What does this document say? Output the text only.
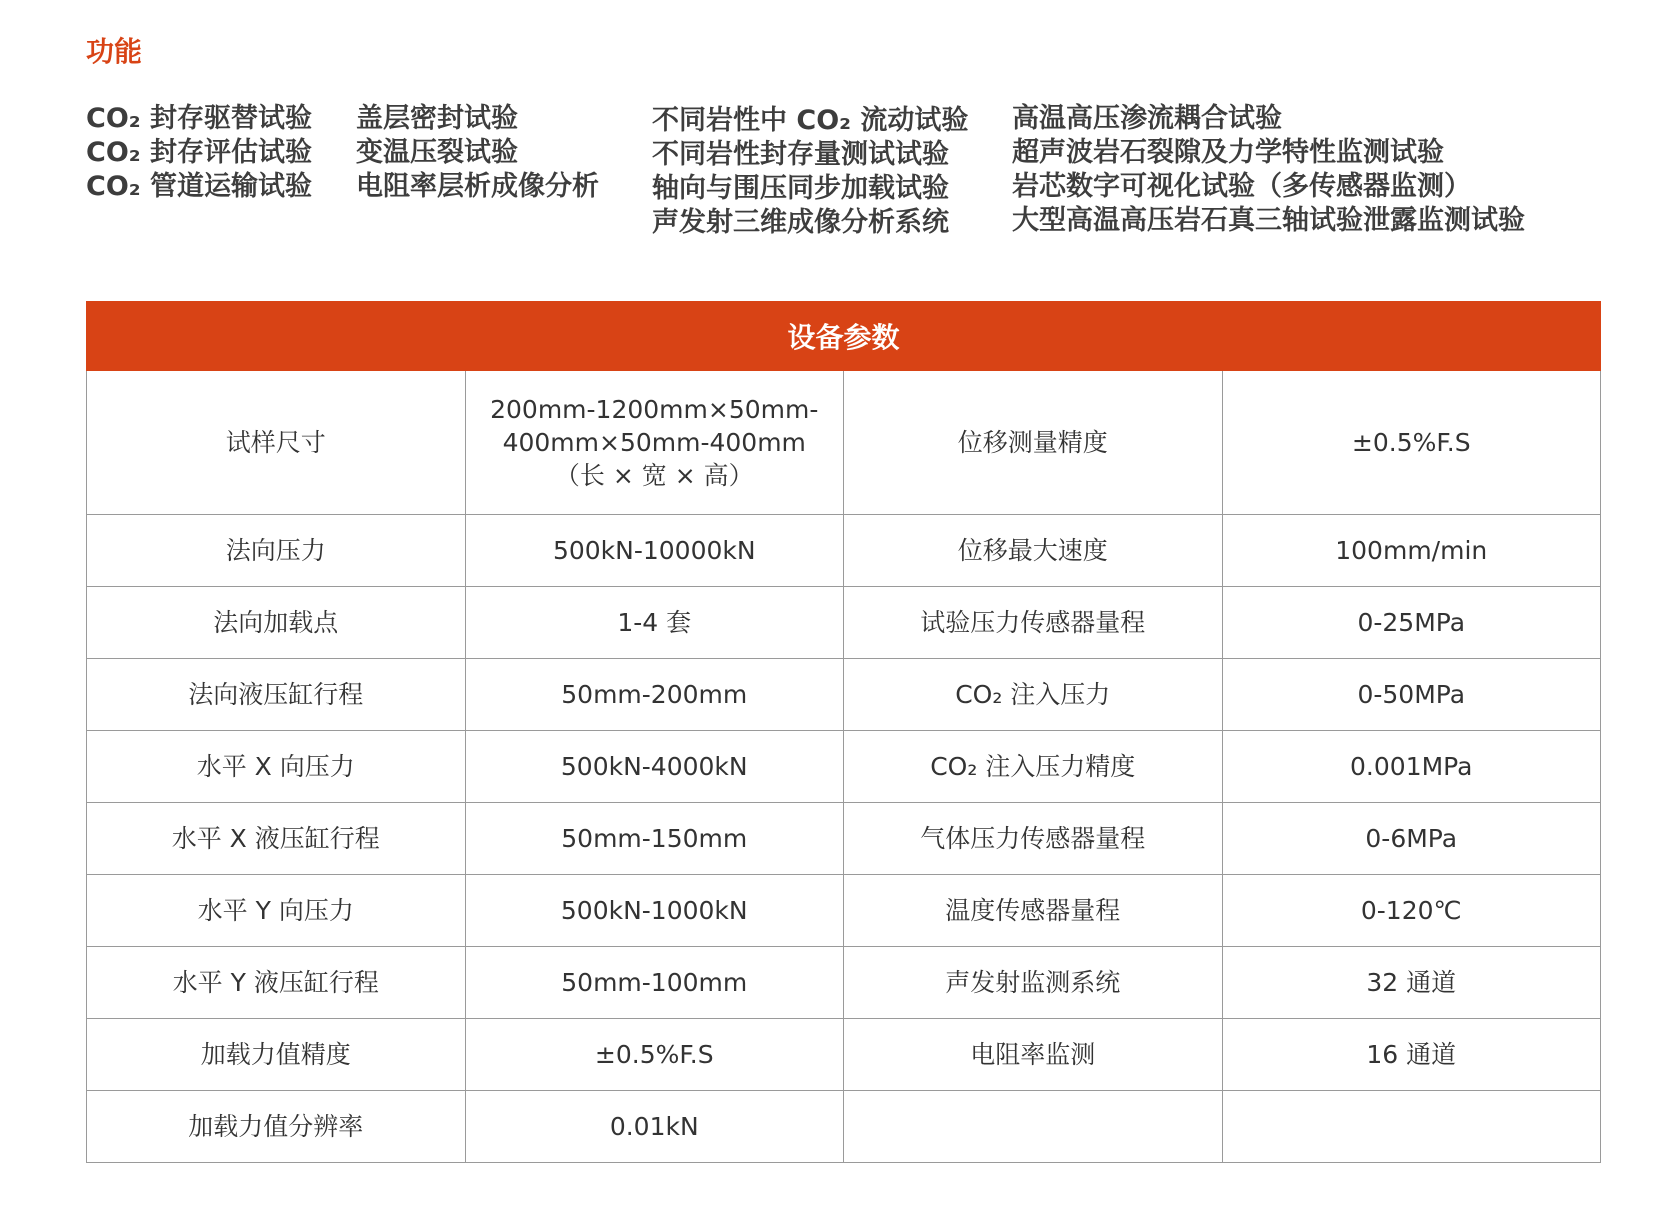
功能
CO₂ 封存驱替试验
CO₂ 封存评估试验
CO₂ 管道运输试验
盖层密封试验
变温压裂试验
电阻率层析成像分析
不同岩性中 CO₂ 流动试验
不同岩性封存量测试试验
轴向与围压同步加载试验
声发射三维成像分析系统
高温高压渗流耦合试验
超声波岩石裂隙及力学特性监测试验
岩芯数字可视化试验（多传感器监测）
大型高温高压岩石真三轴试验泄露监测试验
设备参数			
试样尺寸	200mm-1200mm×50mm-
400mm×50mm-400mm
（长 × 宽 × 高）	位移测量精度	±0.5%F.S
法向压力	500kN-10000kN	位移最大速度	100mm/min
法向加载点	1-4 套	试验压力传感器量程	0-25MPa
法向液压缸行程	50mm-200mm	CO₂ 注入压力	0-50MPa
水平 X 向压力	500kN-4000kN	CO₂ 注入压力精度	0.001MPa
水平 X 液压缸行程	50mm-150mm	气体压力传感器量程	0-6MPa
水平 Y 向压力	500kN-1000kN	温度传感器量程	0-120℃
水平 Y 液压缸行程	50mm-100mm	声发射监测系统	32 通道
加载力值精度	±0.5%F.S	电阻率监测	16 通道
加载力值分辨率	0.01kN		
